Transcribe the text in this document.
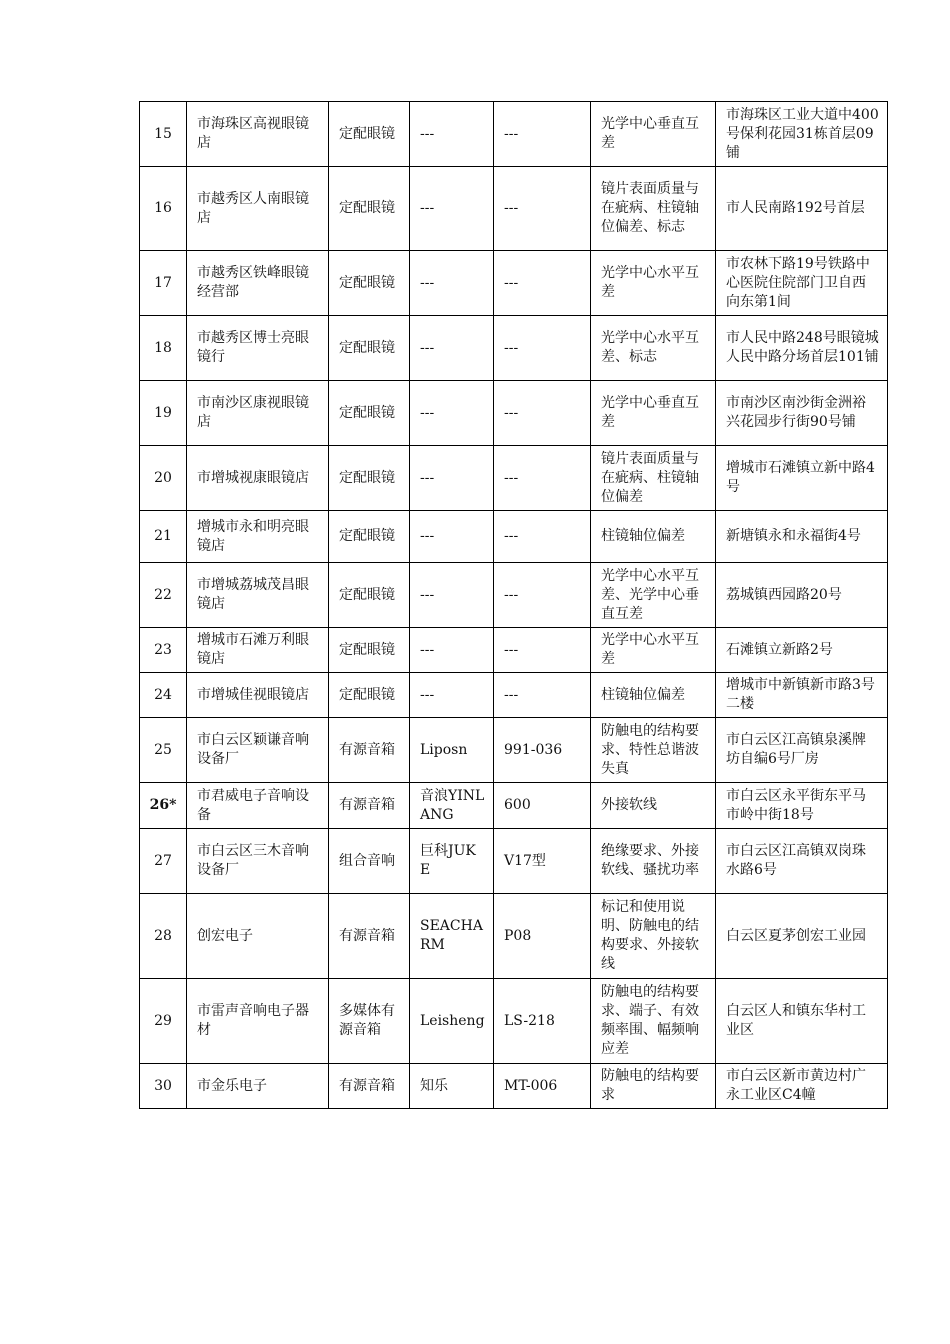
15	市海珠区高视眼镜店	定配眼镜	---	---	光学中心垂直互差	市海珠区工业大道中400号保利花园31栋首层09铺
16	市越秀区人南眼镜店	定配眼镜	---	---	镜片表面质量与在疵病、柱镜轴位偏差、标志	市人民南路192号首层
17	市越秀区铁峰眼镜经营部	定配眼镜	---	---	光学中心水平互差	市农林下路19号铁路中心医院住院部门卫自西向东第1间
18	市越秀区博士亮眼镜行	定配眼镜	---	---	光学中心水平互差、标志	市人民中路248号眼镜城人民中路分场首层101铺
19	市南沙区康视眼镜店	定配眼镜	---	---	光学中心垂直互差	市南沙区南沙街金洲裕兴花园步行街90号铺
20	市增城视康眼镜店	定配眼镜	---	---	镜片表面质量与在疵病、柱镜轴位偏差	增城市石滩镇立新中路4号
21	增城市永和明亮眼镜店	定配眼镜	---	---	柱镜轴位偏差	新塘镇永和永福街4号
22	市增城荔城茂昌眼镜店	定配眼镜	---	---	光学中心水平互差、光学中心垂直互差	荔城镇西园路20号
23	增城市石滩万利眼镜店	定配眼镜	---	---	光学中心水平互差	石滩镇立新路2号
24	市增城佳视眼镜店	定配眼镜	---	---	柱镜轴位偏差	增城市中新镇新市路3号二楼
25	市白云区颖谦音响设备厂	有源音箱	Liposn	991-036	防触电的结构要求、特性总谐波失真	市白云区江高镇泉溪牌坊自编6号厂房
26*	市君威电子音响设备	有源音箱	音浪YINLANG	600	外接软线	市白云区永平街东平马市岭中街18号
27	市白云区三木音响设备厂	组合音响	巨科JUKE	V17型	绝缘要求、外接软线、骚扰功率	市白云区江高镇双岗珠水路6号
28	创宏电子	有源音箱	SEACHARM	P08	标记和使用说明、防触电的结构要求、外接软线	白云区夏茅创宏工业园
29	市雷声音响电子器材	多媒体有源音箱	Leisheng	LS-218	防触电的结构要求、端子、有效频率围、幅频响应差	白云区人和镇东华村工业区
30	市金乐电子	有源音箱	知乐	MT-006	防触电的结构要求	市白云区新市黄边村广永工业区C4幢
